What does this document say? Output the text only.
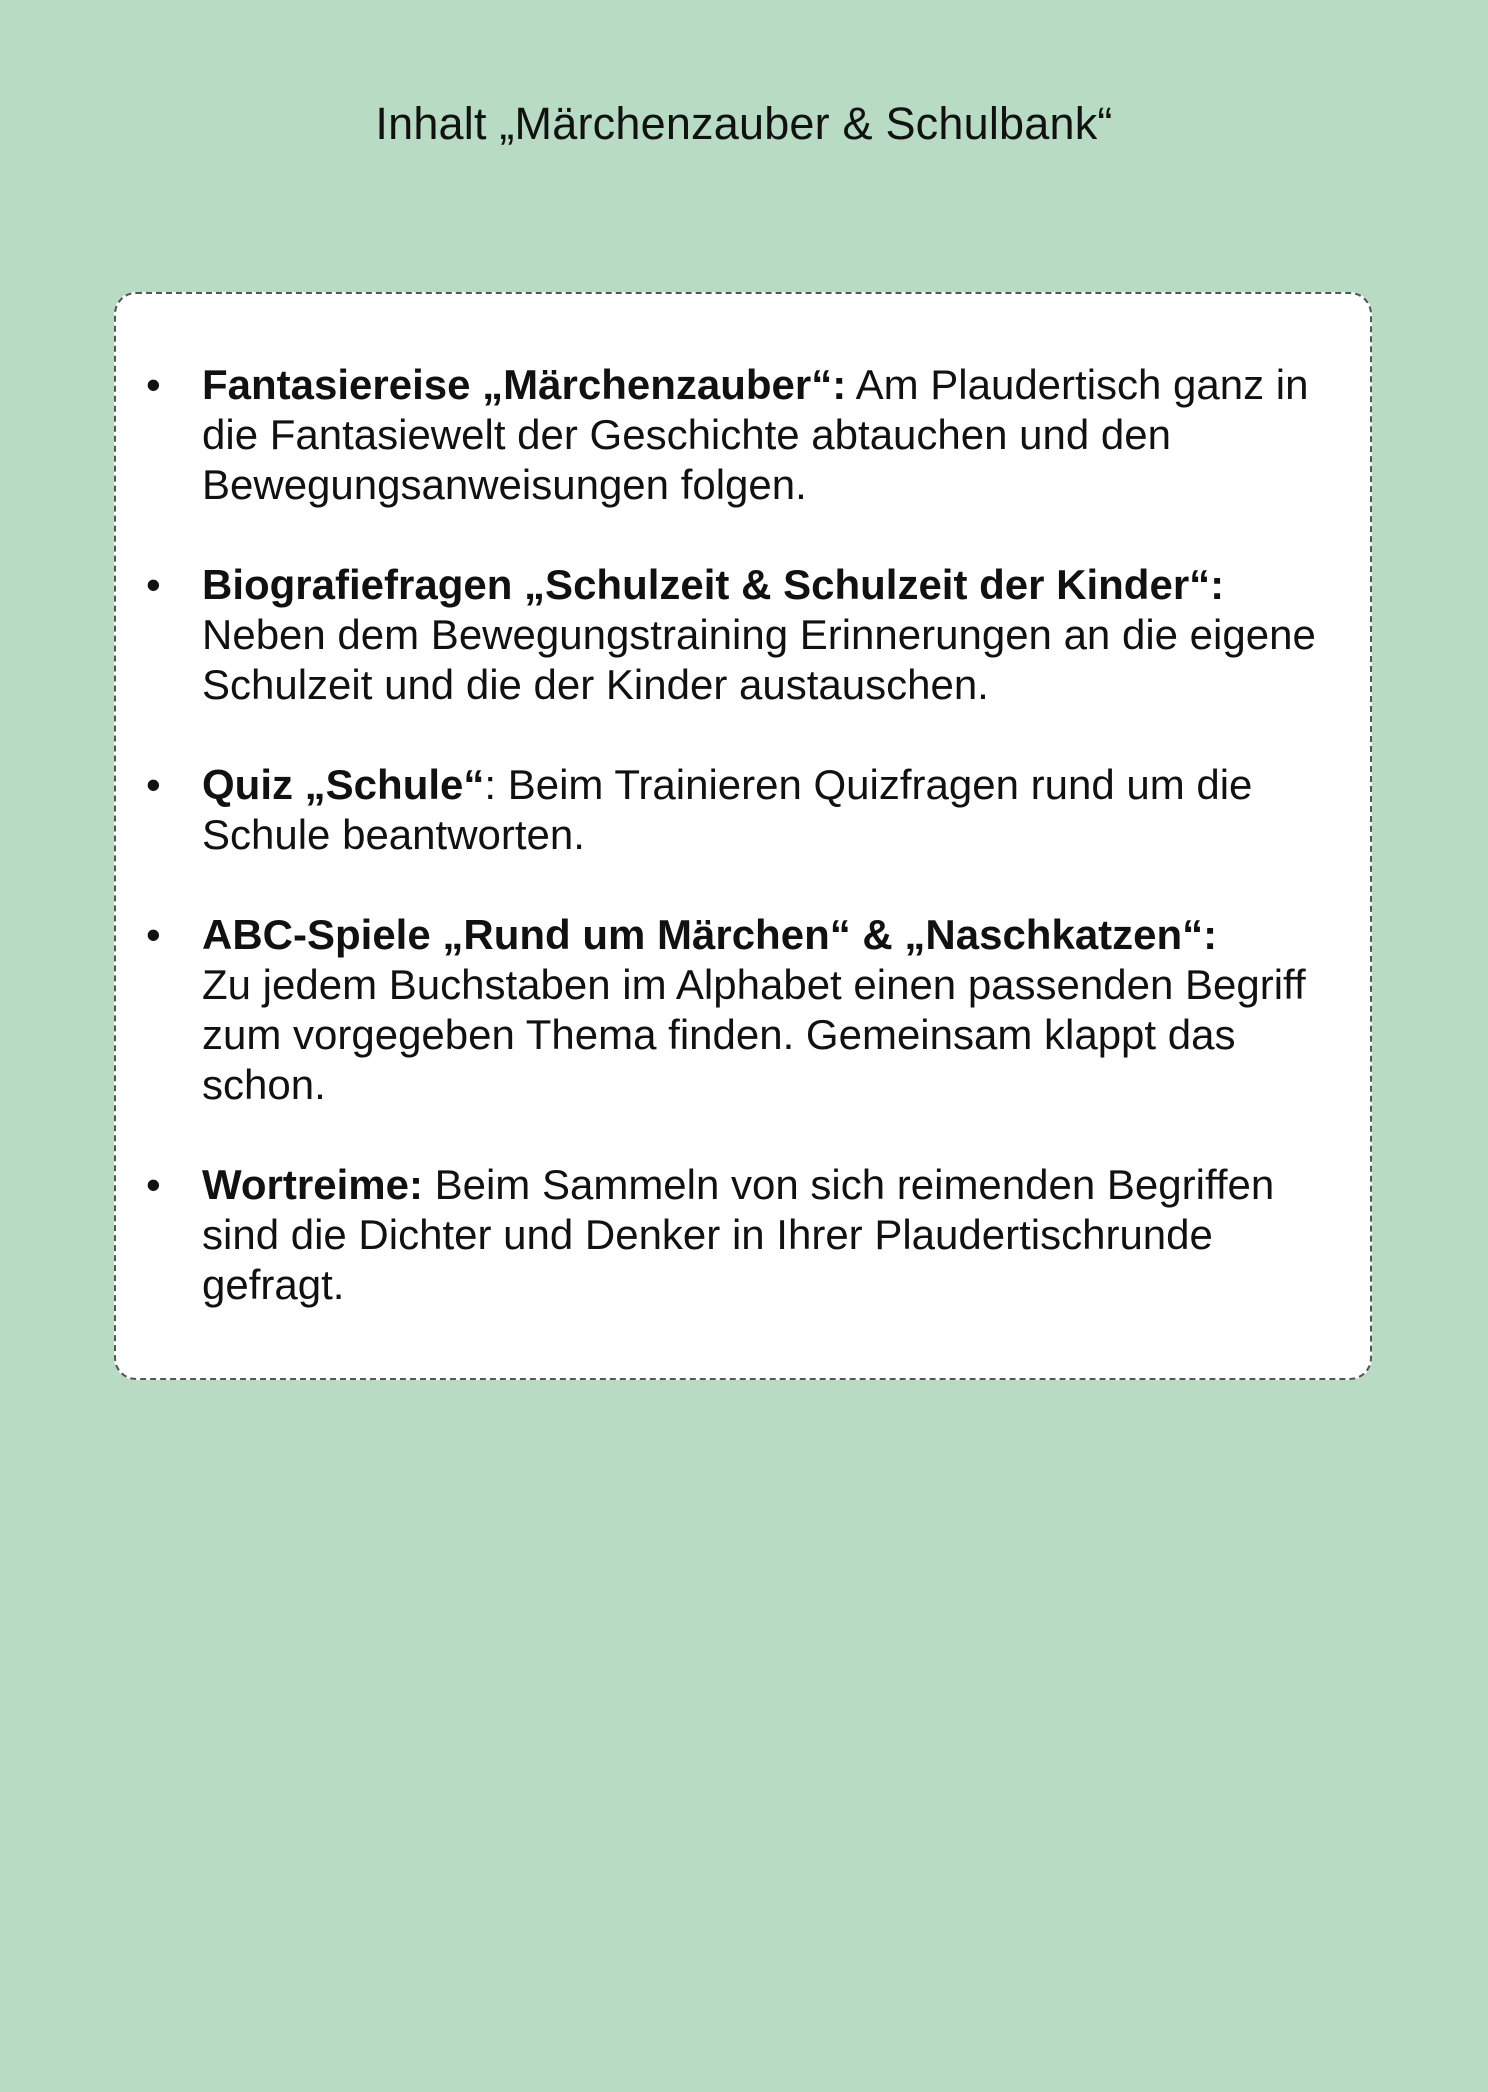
Inhalt „Märchenzauber & Schulbank“
• Fantasiereise „Märchenzauber“: Am Plaudertisch ganz in die Fantasiewelt der Geschichte abtauchen und den Bewegungsanweisungen folgen.
• Biografiefragen „Schulzeit & Schulzeit der Kinder“:
Neben dem Bewegungstraining Erinnerungen an die eigene Schulzeit und die der Kinder austauschen.
• Quiz „Schule“: Beim Trainieren Quizfragen rund um die Schule beantworten.
• ABC-Spiele „Rund um Märchen“ & „Naschkatzen“:
Zu jedem Buchstaben im Alphabet einen passenden Begriff zum vorgegeben Thema finden. Gemeinsam klappt das schon.
• Wortreime: Beim Sammeln von sich reimenden Begriffen sind die Dichter und Denker in Ihrer Plaudertischrunde gefragt.
